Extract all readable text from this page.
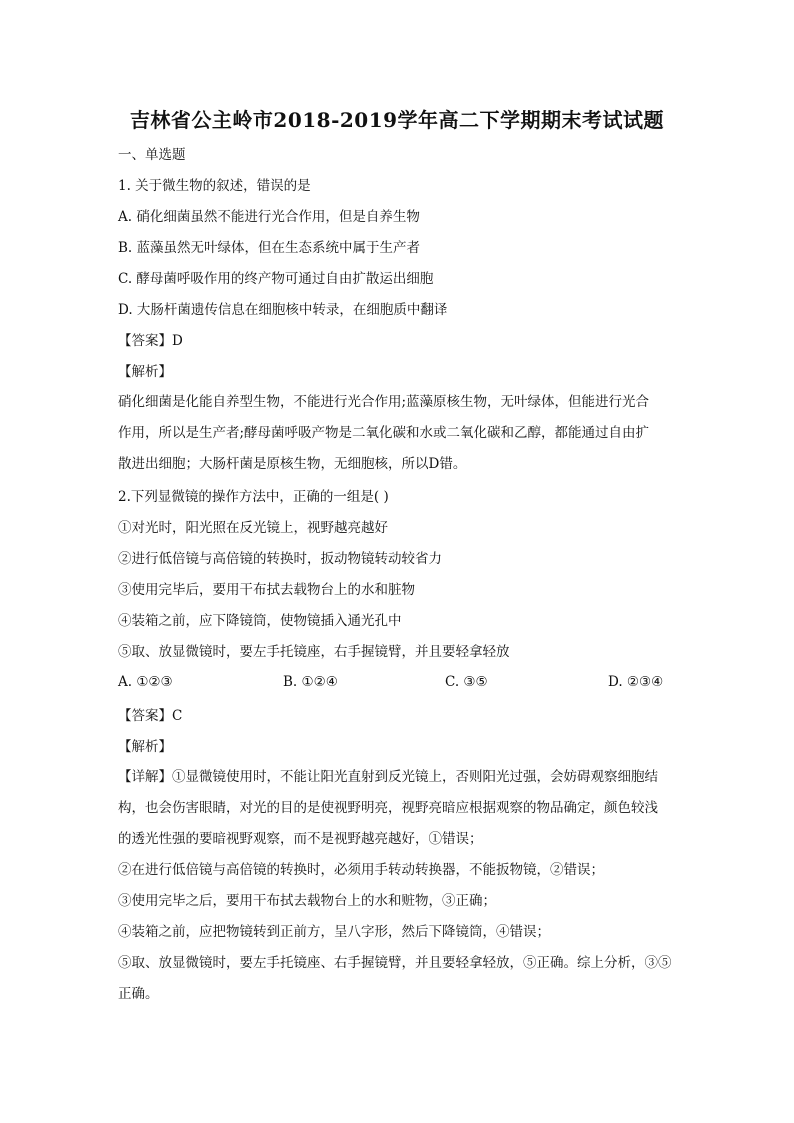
吉林省公主岭市2018-2019学年高二下学期期末考试试题
一、单选题
1. 关于微生物的叙述，错误的是
A. 硝化细菌虽然不能进行光合作用，但是自养生物
B. 蓝藻虽然无叶绿体，但在生态系统中属于生产者
C. 酵母菌呼吸作用的终产物可通过自由扩散运出细胞
D. 大肠杆菌遗传信息在细胞核中转录，在细胞质中翻译
【答案】D
【解析】
硝化细菌是化能自养型生物，不能进行光合作用;蓝藻原核生物，无叶绿体，但能进行光合
作用，所以是生产者;酵母菌呼吸产物是二氧化碳和水或二氧化碳和乙醇，都能通过自由扩
散进出细胞；大肠杆菌是原核生物，无细胞核，所以D错。
2.下列显微镜的操作方法中，正确的一组是( )
①对光时，阳光照在反光镜上，视野越亮越好
②进行低倍镜与高倍镜的转换时，扳动物镜转动较省力
③使用完毕后，要用干布拭去载物台上的水和脏物
④装箱之前，应下降镜筒，使物镜插入通光孔中
⑤取、放显微镜时，要左手托镜座，右手握镜臂，并且要轻拿轻放
A. ①②③	B. ①②④	C. ③⑤	D. ②③④
【答案】C
【解析】
【详解】①显微镜使用时，不能让阳光直射到反光镜上，否则阳光过强，会妨碍观察细胞结
构，也会伤害眼睛，对光的目的是使视野明亮，视野亮暗应根据观察的物品确定，颜色较浅
的透光性强的要暗视野观察，而不是视野越亮越好，①错误；
②在进行低倍镜与高倍镜的转换时，必须用手转动转换器，不能扳物镜，②错误；
③使用完毕之后，要用干布拭去载物台上的水和赃物，③正确；
④装箱之前，应把物镜转到正前方，呈八字形，然后下降镜筒，④错误；
⑤取、放显微镜时，要左手托镜座、右手握镜臂，并且要轻拿轻放，⑤正确。综上分析，③⑤
正确。
